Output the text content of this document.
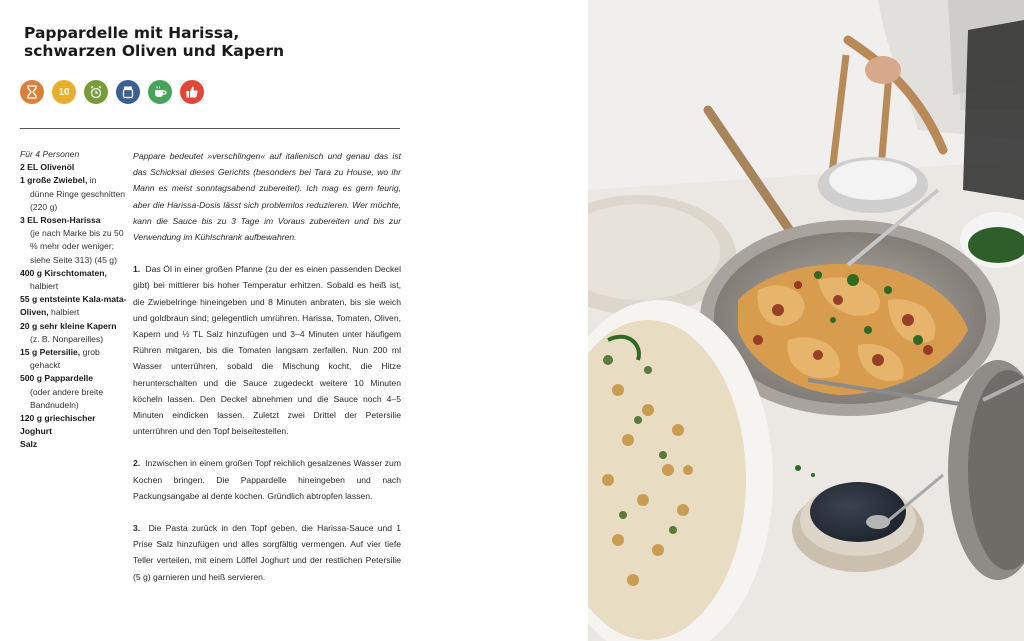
Pappardelle mit Harissa,
schwarzen Oliven und Kapern
10
Für 4 Personen
2 EL Olivenöl
1 große Zwiebel, in
dünne Ringe geschnitten (220 g)
3 EL Rosen-Harissa
(je nach Marke bis zu 50 % mehr oder weniger; siehe Seite 313) (45 g)
400 g Kirschtomaten,
halbiert
55 g entsteinte Kala-mata-Oliven, halbiert
20 g sehr kleine Kapern
(z. B. Nonpareilles)
15 g Petersilie, grob
gehackt
500 g Pappardelle
(oder andere breite Bandnudeln)
120 g griechischer Joghurt
Salz

Pappare bedeutet »verschlingen« auf italienisch und genau das ist das Schicksal dieses Gerichts (besonders bei Tara zu House, wo ihr Mann es meist sonntagsabend zubereitet). Ich mag es gern feurig, aber die Harissa-Dosis lässt sich problemlos reduzieren. Wer möchte, kann die Sauce bis zu 3 Tage im Voraus zubereiten und bis zur Verwendung im Kühlschrank aufbewahren.

1. Das Öl in einer großen Pfanne (zu der es einen passenden Deckel gibt) bei mittlerer bis hoher Temperatur erhitzen. Sobald es heiß ist, die Zwiebelringe hineingeben und 8 Minuten anbraten, bis sie weich und goldbraun sind; gelegentlich umrühren. Harissa, Tomaten, Oliven, Kapern und ½ TL Salz hinzufügen und 3–4 Minuten unter häufigem Rühren mitgaren, bis die Tomaten langsam zerfallen. Nun 200 ml Wasser unterrühren, sobald die Mischung kocht, die Hitze herunterschalten und die Sauce zugedeckt weitere 10 Minuten köcheln lassen. Den Deckel abnehmen und die Sauce noch 4–5 Minuten eindicken lassen. Zuletzt zwei Drittel der Petersilie unterrühren und den Topf beiseitestellen.

2. Inzwischen in einem großen Topf reichlich gesalzenes Wasser zum Kochen bringen. Die Pappardelle hineingeben und nach Packungsangabe al dente kochen. Gründlich abtropfen lassen.

3. Die Pasta zurück in den Topf geben, die Harissa-Sauce und 1 Prise Salz hinzufügen und alles sorgfältig vermengen. Auf vier tiefe Teller verteilen, mit einem Löffel Joghurt und der restlichen Petersilie (5 g) garnieren und heiß servieren.
